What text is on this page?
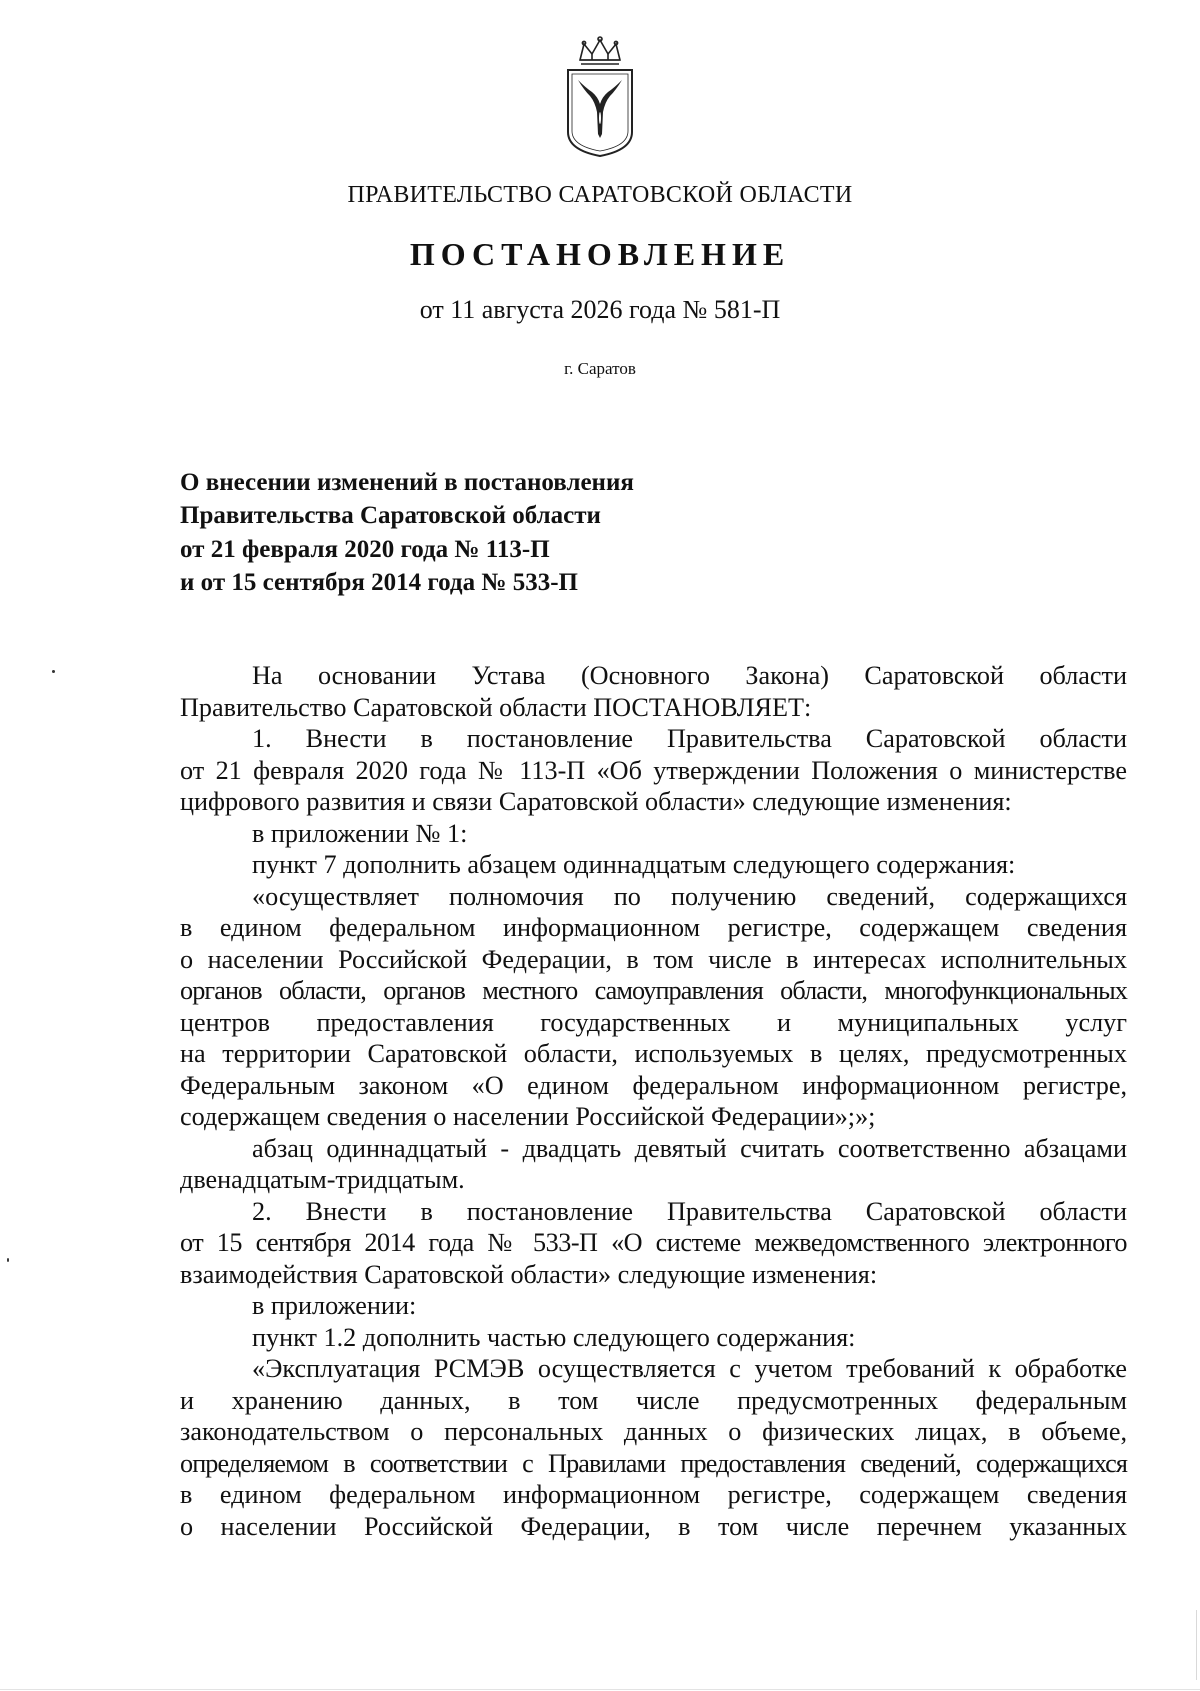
ПРАВИТЕЛЬСТВО САРАТОВСКОЙ ОБЛАСТИ
ПОСТАНОВЛЕНИЕ
от 11 августа 2026 года № 581-П
г. Саратов
О внесении изменений в постановления
Правительства Саратовской области
от 21 февраля 2020 года № 113-П
и от 15 сентября 2014 года № 533-П
На основании Устава (Основного Закона) Саратовской области
Правительство Саратовской области ПОСТАНОВЛЯЕТ:
1. Внести в постановление Правительства Саратовской области
от 21 февраля 2020 года № 113-П «Об утверждении Положения о министерстве
цифрового развития и связи Саратовской области» следующие изменения:
в приложении № 1:
пункт 7 дополнить абзацем одиннадцатым следующего содержания:
«осуществляет полномочия по получению сведений, содержащихся
в едином федеральном информационном регистре, содержащем сведения
о населении Российской Федерации, в том числе в интересах исполнительных
органов области, органов местного самоуправления области, многофункциональных
центров предоставления государственных и муниципальных услуг
на территории Саратовской области, используемых в целях, предусмотренных
Федеральным законом «О едином федеральном информационном регистре,
содержащем сведения о населении Российской Федерации»;»;
абзац одиннадцатый - двадцать девятый считать соответственно абзацами
двенадцатым-тридцатым.
2. Внести в постановление Правительства Саратовской области
от 15 сентября 2014 года № 533-П «О системе межведомственного электронного
взаимодействия Саратовской области» следующие изменения:
в приложении:
пункт 1.2 дополнить частью следующего содержания:
«Эксплуатация РСМЭВ осуществляется с учетом требований к обработке
и хранению данных, в том числе предусмотренных федеральным
законодательством о персональных данных о физических лицах, в объеме,
определяемом в соответствии с Правилами предоставления сведений, содержащихся
в едином федеральном информационном регистре, содержащем сведения
о населении Российской Федерации, в том числе перечнем указанных
